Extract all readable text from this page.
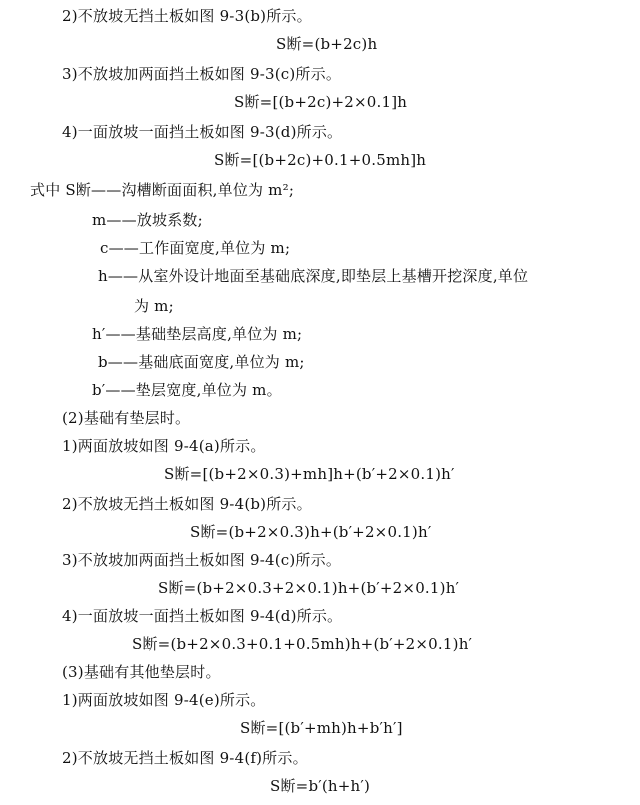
2)不放坡无挡土板如图 9-3(b)所示。
S断=(b+2c)h
3)不放坡加两面挡土板如图 9-3(c)所示。
S断=[(b+2c)+2×0.1]h
4)一面放坡一面挡土板如图 9-3(d)所示。
S断=[(b+2c)+0.1+0.5mh]h
式中 S断——沟槽断面面积,单位为 m²;
m——放坡系数;
c——工作面宽度,单位为 m;
h——从室外设计地面至基础底深度,即垫层上基槽开挖深度,单位
为 m;
h′——基础垫层高度,单位为 m;
b——基础底面宽度,单位为 m;
b′——垫层宽度,单位为 m。
(2)基础有垫层时。
1)两面放坡如图 9-4(a)所示。
S断=[(b+2×0.3)+mh]h+(b′+2×0.1)h′
2)不放坡无挡土板如图 9-4(b)所示。
S断=(b+2×0.3)h+(b′+2×0.1)h′
3)不放坡加两面挡土板如图 9-4(c)所示。
S断=(b+2×0.3+2×0.1)h+(b′+2×0.1)h′
4)一面放坡一面挡土板如图 9-4(d)所示。
S断=(b+2×0.3+0.1+0.5mh)h+(b′+2×0.1)h′
(3)基础有其他垫层时。
1)两面放坡如图 9-4(e)所示。
S断=[(b′+mh)h+b′h′]
2)不放坡无挡土板如图 9-4(f)所示。
S断=b′(h+h′)
